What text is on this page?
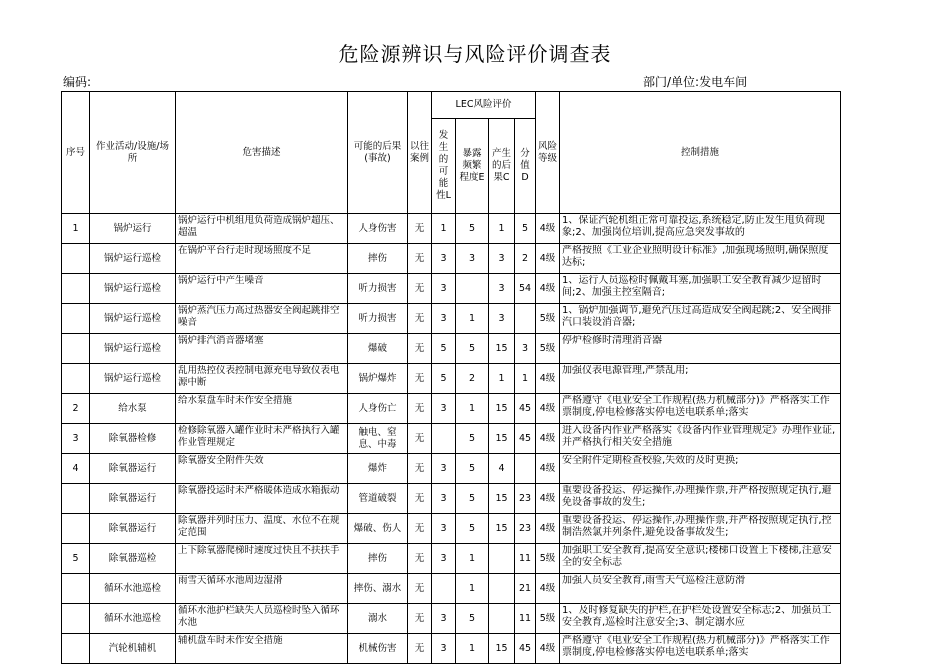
危险源辨识与风险评价调查表
编码:	部门/单位:发电车间
序号	作业活动/设施/场所	危害描述	可能的后果(事故)	以往案例	LEC风险评价				风险等级	控制措施
					发生的可能性L	暴露频繁程度E	产生的后果C	分值D		

1	锅炉运行	锅炉运行中机组甩负荷造成锅炉超压、超温	人身伤害	无	1	5	1	5	4级	1、保证汽轮机组正常可靠投运,系统稳定,防止发生甩负荷现象;2、加强岗位培训,提高应急突发事故的

锅炉运行巡检	在锅炉平台行走时现场照度不足	摔伤	无	3	3	3	2	4级	严格按照《工业企业照明设计标准》,加强现场照明,确保照度达标;

锅炉运行巡检	锅炉运行中产生噪音	听力损害	无	3		3	54	4级	1、运行人员巡检时佩戴耳塞,加强职工安全教育减少逗留时间;2、加强主控室隔音;

锅炉运行巡检	锅炉蒸汽压力高过热器安全阀起跳排空噪音	听力损害	无	3	1	3		5级	1、锅炉加强调节,避免汽压过高造成安全阀起跳;2、安全阀排汽口装设消音器;

锅炉运行巡检	锅炉排汽消音器堵塞	爆破	无	5	5	15	3	5级	停炉检修时清理消音器

锅炉运行巡检	乱用热控仪表控制电源充电导致仪表电源中断	锅炉爆炸	无	5	2	1	1	4级	加强仪表电源管理,严禁乱用;

2	给水泵	给水泵盘车时未作安全措施	人身伤亡	无	3	1	15	45	4级	严格遵守《电业安全工作规程(热力机械部分)》严格落实工作票制度,停电检修落实停电送电联系单;落实

3	除氧器检修	检修除氧器入罐作业时未严格执行入罐作业管理规定	触电、窒息、中毒	无		5	15	45	4级	进入设备内作业严格落实《设备内作业管理规定》办理作业证,并严格执行相关安全措施

4	除氧器运行	除氧器安全附件失效	爆炸	无	3	5	4		4级	安全附件定期检查校验,失效的及时更换;

除氧器运行	除氧器投运时未严格暖体造成水箱振动	管道破裂	无	3	5	15	23	4级	重要设备投运、停运操作,办理操作票,并严格按照规定执行,避免设备事故的发生;

除氧器运行	除氧器并列时压力、温度、水位不在规定范围	爆破、伤人	无	3	5	15	23	4级	重要设备投运、停运操作,办理操作票,并严格按照规定执行,控制浩然氯并列条件,避免设备事故发生;

5	除氧器巡检	上下除氧器爬梯时速度过快且不扶扶手	摔伤	无	3	1		11	5级	加强职工安全教育,提高安全意识;楼梯口设置上下楼梯,注意安全的安全标志

循环水池巡检	雨雪天循环水池周边湿滑	摔伤、溺水	无		1		21	4级	加强人员安全教育,雨雪天气巡检注意防滑

循环水池巡检	循环水池护栏缺失人员巡检时坠入循环水池	溺水	无	3	5		11	5级	1、及时修复缺失的护栏,在护栏处设置安全标志;2、加强员工安全教育,巡检时注意安全;3、制定溺水应

汽轮机辅机	辅机盘车时未作安全措施	机械伤害	无	3	1	15	45	4级	严格遵守《电业安全工作规程(热力机械部分)》严格落实工作票制度,停电检修落实停电送电联系单;落实
